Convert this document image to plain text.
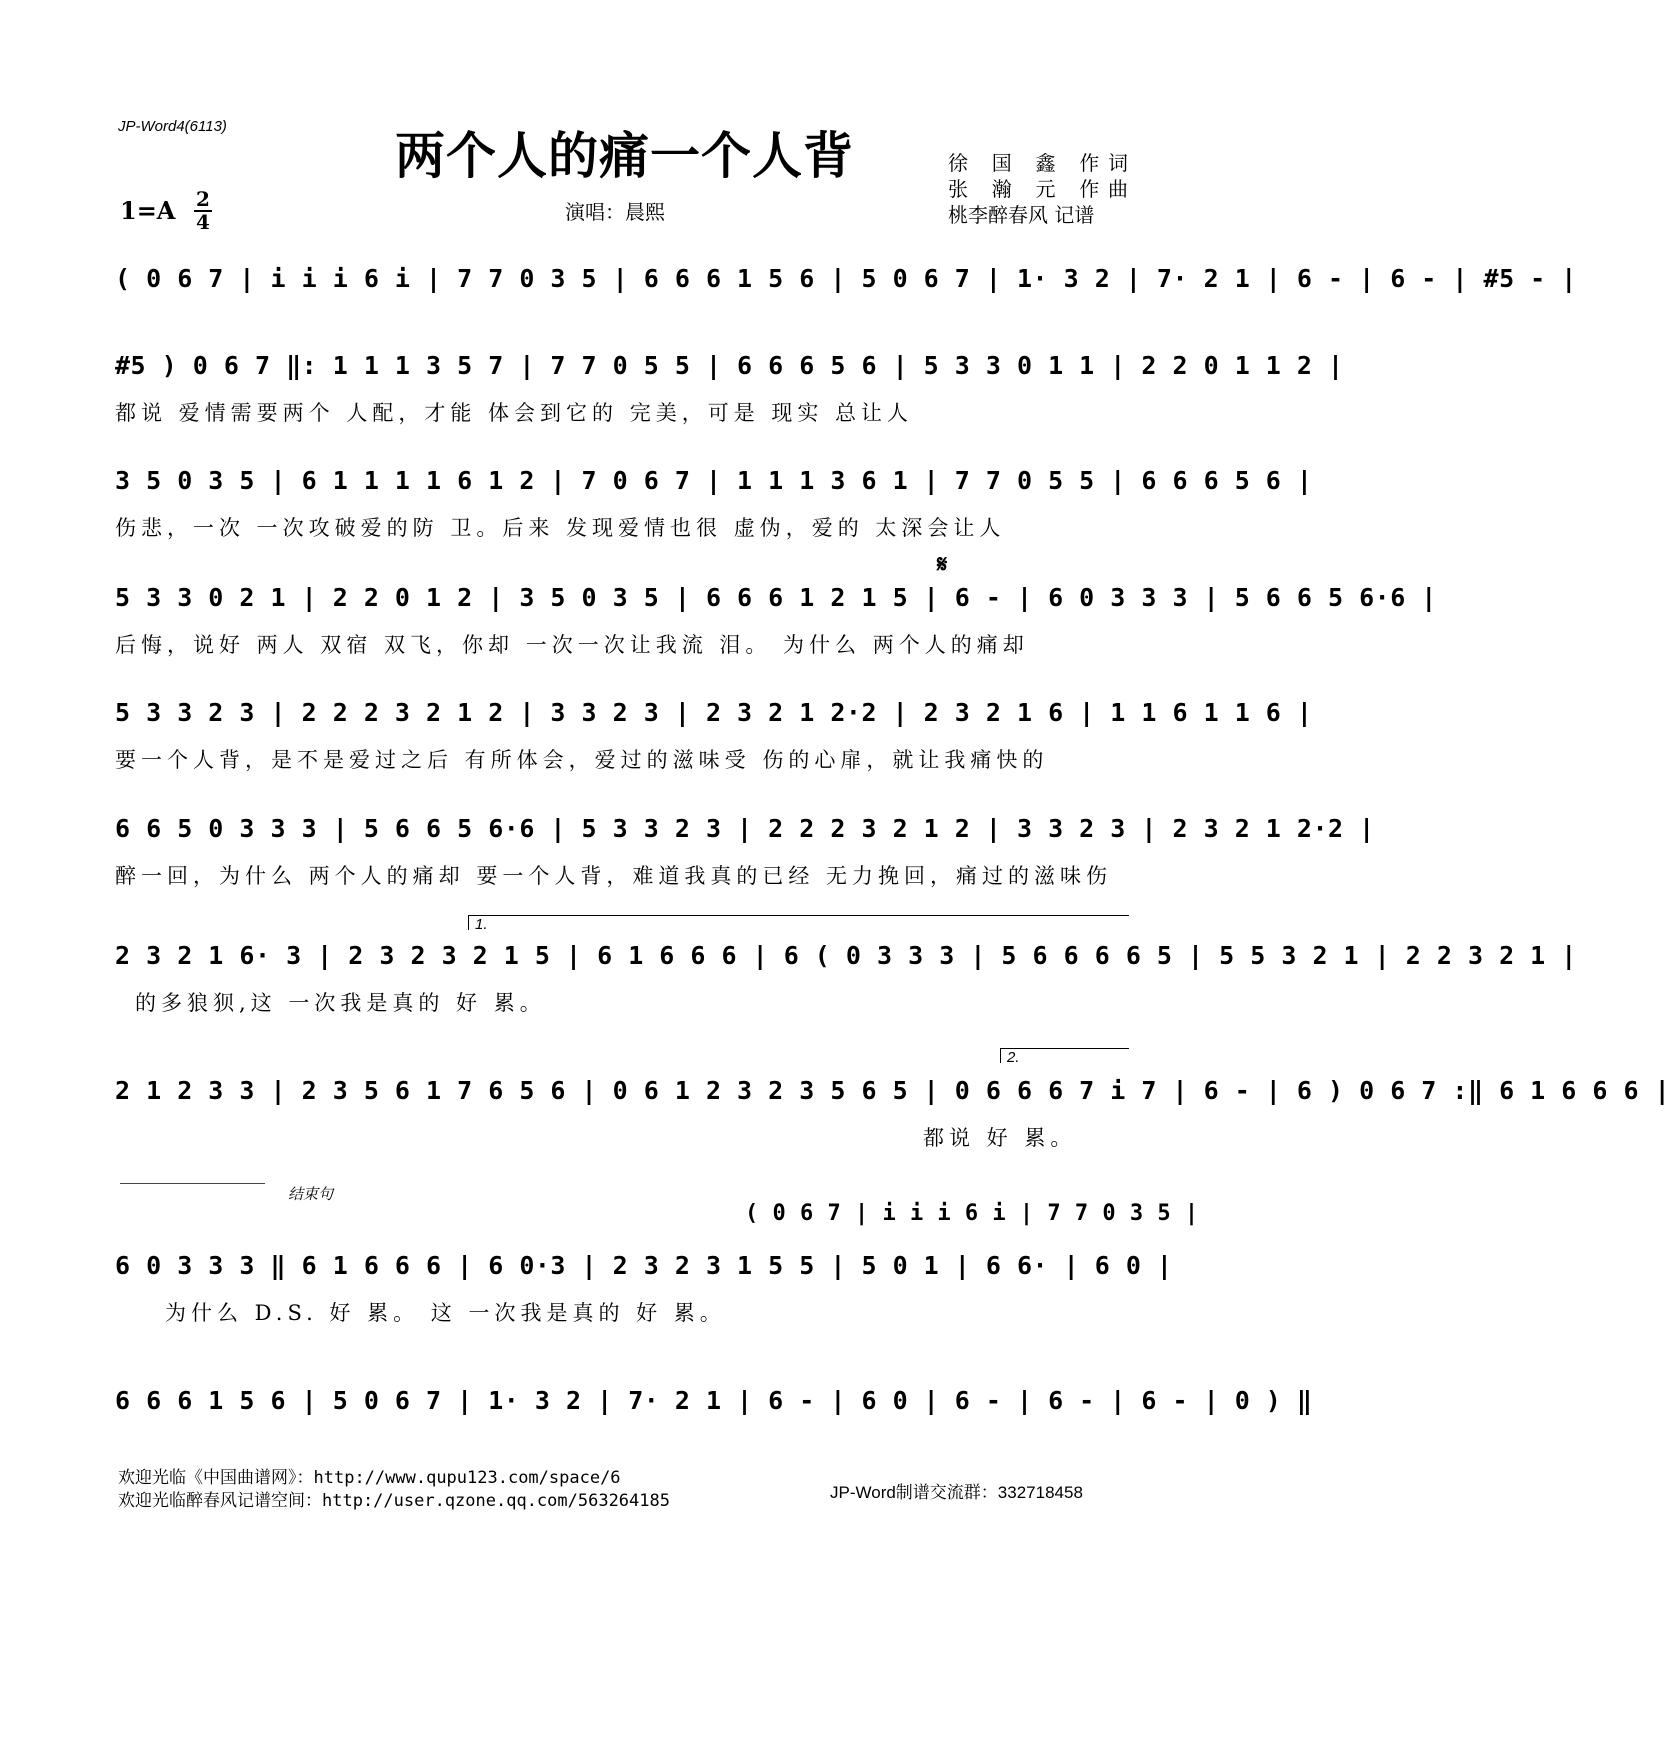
JP-Word4(6113)	两个人的痛一个人背	徐 国 鑫 作词
张 瀚 元 作曲
桃李醉春风 记谱
1=A 2
4	演唱：晨熙
( 0 6 7 | i i i 6 i | 7 7 0 3 5 | 6 6 6 1 5 6 | 5 0 6 7 | 1· 3 2 | 7· 2 1 | 6 - | 6 - | #5 - |
#5 ) 0 6 7 ‖: 1 1 1 3 5 7 | 7 7 0 5 5 | 6 6 6 5 6 | 5 3 3 0 1 1 | 2 2 0 1 1 2 |
都说 爱情需要两个 人配，才能 体会到它的 完美，可是 现实 总让人
3 5 0 3 5 | 6 1 1 1 1 6 1 2 | 7 0 6 7 | 1 1 1 3 6 1 | 7 7 0 5 5 | 6 6 6 5 6 |
伤悲，一次 一次攻破爱的防 卫。后来 发现爱情也很 虚伪，爱的 太深会让人
𝄋
5 3 3 0 2 1 | 2 2 0 1 2 | 3 5 0 3 5 | 6 6 6 1 2 1 5 | 6 - | 6 0 3 3 3 | 5 6 6 5 6·6 |
后悔，说好 两人 双宿 双飞，你却 一次一次让我流 泪。 为什么 两个人的痛却
5 3 3 2 3 | 2 2 2 3 2 1 2 | 3 3 2 3 | 2 3 2 1 2·2 | 2 3 2 1 6 | 1 1 6 1 1 6 |
要一个人背，是不是爱过之后 有所体会，爱过的滋味受 伤的心扉，就让我痛快的
6 6 5 0 3 3 3 | 5 6 6 5 6·6 | 5 3 3 2 3 | 2 2 2 3 2 1 2 | 3 3 2 3 | 2 3 2 1 2·2 |
醉一回，为什么 两个人的痛却 要一个人背，难道我真的已经 无力挽回，痛过的滋味伤
1.
2 3 2 1 6· 3 | 2 3 2 3 2 1 5 | 6 1 6 6 6 | 6 ( 0 3 3 3 | 5 6 6 6 6 5 | 5 5 3 2 1 | 2 2 3 2 1 |
的多狼狈,这 一次我是真的 好 累。
2.
2 1 2 3 3 | 2 3 5 6 1 7 6 5 6 | 0 6 1 2 3 2 3 5 6 5 | 0 6 6 6 7 i 7 | 6 - | 6 ) 0 6 7 :‖ 6 1 6 6 6 |
都说 好 累。
结束句
( 0 6 7 | i i i 6 i | 7 7 0 3 5 |
6 0 3 3 3 ‖ 6 1 6 6 6 | 6 0·3 | 2 3 2 3 1 5 5 | 5 0 1 | 6 6· | 6 0 |
为什么 D.S. 好 累。 这 一次我是真的 好 累。
6 6 6 1 5 6 | 5 0 6 7 | 1· 3 2 | 7· 2 1 | 6 - | 6 0 | 6 - | 6 - | 6 - | 0 ) ‖
欢迎光临《中国曲谱网》：http://www.qupu123.com/space/6
欢迎光临醉春风记谱空间：http://user.qzone.qq.com/563264185	JP-Word制谱交流群：332718458
